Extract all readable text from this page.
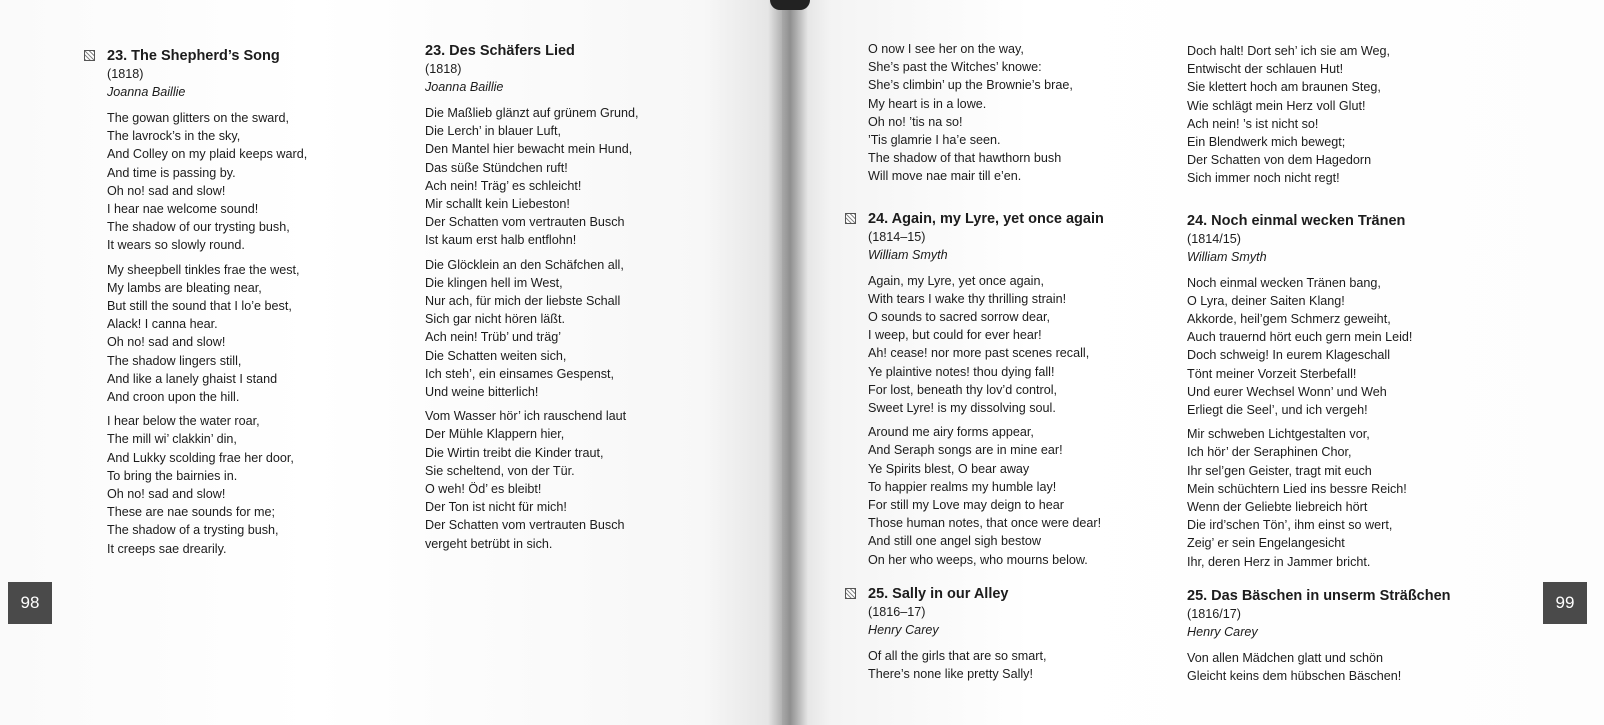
23. The Shepherd’s Song
(1818)
Joanna Baillie
The gowan glitters on the sward,
The lavrock’s in the sky,
And Colley on my plaid keeps ward,
And time is passing by.
Oh no! sad and slow!
I hear nae welcome sound!
The shadow of our trysting bush,
It wears so slowly round.
My sheepbell tinkles frae the west,
My lambs are bleating near,
But still the sound that I lo’e best,
Alack! I canna hear.
Oh no! sad and slow!
The shadow lingers still,
And like a lanely ghaist I stand
And croon upon the hill.
I hear below the water roar,
The mill wi’ clakkin’ din,
And Lukky scolding frae her door,
To bring the bairnies in.
Oh no! sad and slow!
These are nae sounds for me;
The shadow of a trysting bush,
It creeps sae drearily.
23. Des Schäfers Lied
(1818)
Joanna Baillie
Die Maßlieb glänzt auf grünem Grund,
Die Lerch’ in blauer Luft,
Den Mantel hier bewacht mein Hund,
Das süße Stündchen ruft!
Ach nein! Träg’ es schleicht!
Mir schallt kein Liebeston!
Der Schatten vom vertrauten Busch
Ist kaum erst halb entflohn!
Die Glöcklein an den Schäfchen all,
Die klingen hell im West,
Nur ach, für mich der liebste Schall
Sich gar nicht hören läßt.
Ach nein! Trüb’ und träg’
Die Schatten weiten sich,
Ich steh’, ein einsames Gespenst,
Und weine bitterlich!
Vom Wasser hör’ ich rauschend laut
Der Mühle Klappern hier,
Die Wirtin treibt die Kinder traut,
Sie scheltend, von der Tür.
O weh! Öd’ es bleibt!
Der Ton ist nicht für mich!
Der Schatten vom vertrauten Busch
vergeht betrübt in sich.
98
O now I see her on the way,
She’s past the Witches’ knowe:
She’s climbin’ up the Brownie’s brae,
My heart is in a lowe.
Oh no! ’tis na so!
’Tis glamrie I ha’e seen.
The shadow of that hawthorn bush
Will move nae mair till e’en.
24. Again, my Lyre, yet once again
(1814–15)
William Smyth
Again, my Lyre, yet once again,
With tears I wake thy thrilling strain!
O sounds to sacred sorrow dear,
I weep, but could for ever hear!
Ah! cease! nor more past scenes recall,
Ye plaintive notes! thou dying fall!
For lost, beneath thy lov’d control,
Sweet Lyre! is my dissolving soul.
Around me airy forms appear,
And Seraph songs are in mine ear!
Ye Spirits blest, O bear away
To happier realms my humble lay!
For still my Love may deign to hear
Those human notes, that once were dear!
And still one angel sigh bestow
On her who weeps, who mourns below.
25. Sally in our Alley
(1816–17)
Henry Carey
Of all the girls that are so smart,
There’s none like pretty Sally!
Doch halt! Dort seh’ ich sie am Weg,
Entwischt der schlauen Hut!
Sie klettert hoch am braunen Steg,
Wie schlägt mein Herz voll Glut!
Ach nein! ’s ist nicht so!
Ein Blendwerk mich bewegt;
Der Schatten von dem Hagedorn
Sich immer noch nicht regt!
24. Noch einmal wecken Tränen
(1814/15)
William Smyth
Noch einmal wecken Tränen bang,
O Lyra, deiner Saiten Klang!
Akkorde, heil’gem Schmerz geweiht,
Auch trauernd hört euch gern mein Leid!
Doch schweig! In eurem Klageschall
Tönt meiner Vorzeit Sterbefall!
Und eurer Wechsel Wonn’ und Weh
Erliegt die Seel’, und ich vergeh!
Mir schweben Lichtgestalten vor,
Ich hör’ der Seraphinen Chor,
Ihr sel’gen Geister, tragt mit euch
Mein schüchtern Lied ins bessre Reich!
Wenn der Geliebte liebreich hört
Die ird’schen Tön’, ihm einst so wert,
Zeig’ er sein Engelangesicht
Ihr, deren Herz in Jammer bricht.
25. Das Bäschen in unserm Sträßchen
(1816/17)
Henry Carey
Von allen Mädchen glatt und schön
Gleicht keins dem hübschen Bäschen!
99
